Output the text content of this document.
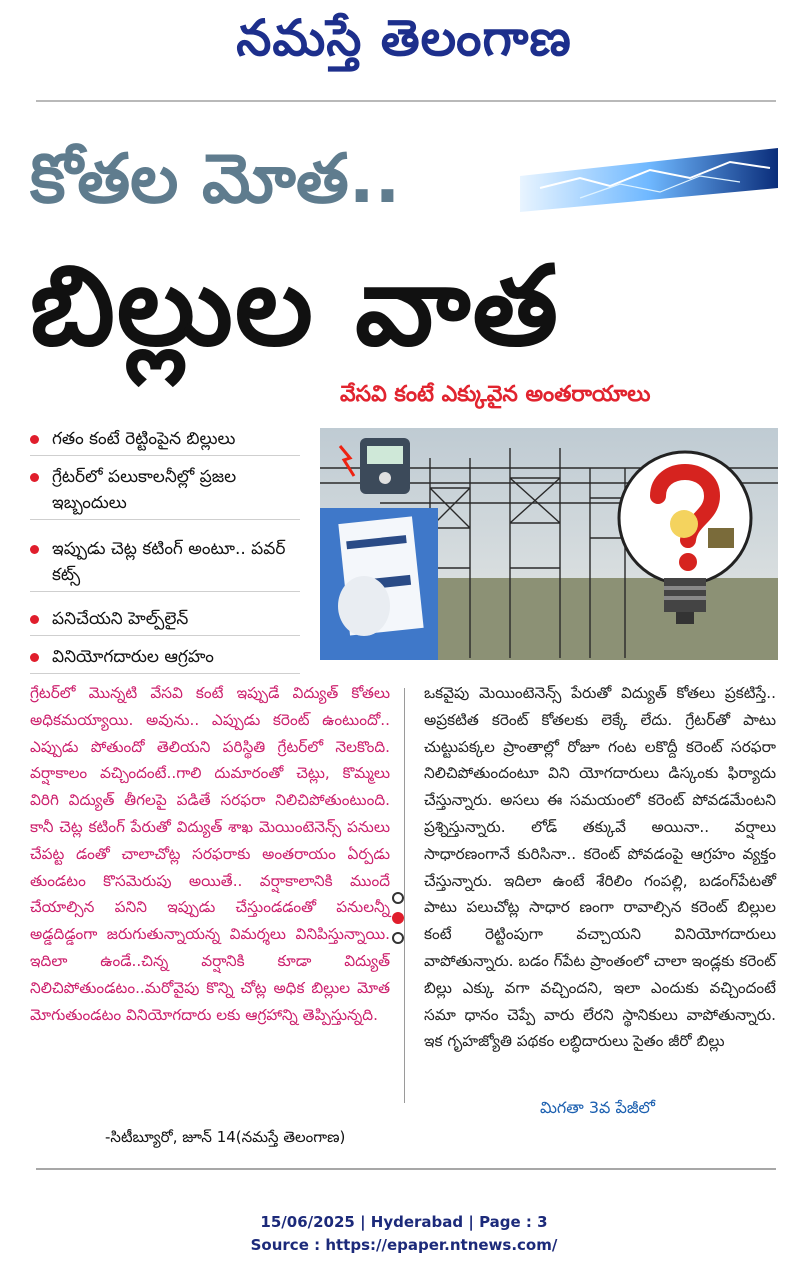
నమస్తే తెలంగాణ
కోతల మోత..
బిల్లుల వాత
వేసవి కంటే ఎక్కువైన అంతరాయాలు
గతం కంటే రెట్టింపైన బిల్లులు
గ్రేటర్‌లో పలుకాలనీల్లో ప్రజల ఇబ్బందులు
ఇప్పుడు చెట్ల కటింగ్ అంటూ.. పవర్ కట్స్
పనిచేయని హెల్ప్‌లైన్
వినియోగదారుల ఆగ్రహం

గ్రేటర్‌లో మొన్నటి వేసవి కంటే ఇప్పుడే విద్యుత్ కోతలు అధికమయ్యాయి. అవును.. ఎప్పుడు కరెంట్ ఉంటుందో.. ఎప్పుడు పోతుందో తెలియని పరిస్థితి గ్రేటర్‌లో నెలకొంది. వర్షాకాలం వచ్చిందంటే..గాలి దుమారంతో చెట్లు, కొమ్మలు విరిగి విద్యుత్ తీగలపై పడితే సరఫరా నిలిచిపోతుంటుంది. కానీ చెట్ల కటింగ్ పేరుతో విద్యుత్ శాఖ మెయింటెనెన్స్ పనులు చేపట్ట డంతో చాలాచోట్ల సరఫరాకు అంతరాయం ఏర్పడు తుండటం కొసమెరుపు అయితే.. వర్షాకాలానికి ముందే చేయాల్సిన పనిని ఇప్పుడు చేస్తుండడంతో పనులన్నీ అడ్డదిడ్డంగా జరుగుతున్నాయన్న విమర్శలు వినిపిస్తున్నాయి. ఇదిలా ఉండే..చిన్న వర్షానికి కూడా విద్యుత్ నిలిచిపోతుండటం..మరోవైపు కొన్ని చోట్ల అధిక బిల్లుల మోత మోగుతుండటం వినియోగదారు లకు ఆగ్రహాన్ని తెప్పిస్తున్నది.

-సిటీబ్యూరో, జూన్ 14(నమస్తే తెలంగాణ)

ఒకవైపు మెయింటెనెన్స్ పేరుతో విద్యుత్ కోతలు ప్రకటిస్తే.. అప్రకటిత కరెంట్ కోతలకు లెక్కే లేదు. గ్రేటర్‌తో పాటు చుట్టుపక్కల ప్రాంతాల్లో రోజూ గంట లకొద్దీ కరెంట్ సరఫరా నిలిచిపోతుందంటూ విని యోగదారులు డిస్కంకు ఫిర్యాదు చేస్తున్నారు. అసలు ఈ సమయంలో కరెంట్ పోవడమేంటని ప్రశ్నిస్తున్నారు. లోడ్ తక్కువే అయినా.. వర్షాలు సాధారణంగానే కురిసినా.. కరెంట్ పోవడంపై ఆగ్రహం వ్యక్తం చేస్తున్నారు. ఇదిలా ఉంటే శేరిలిం గంపల్లి, బడంగ్‌పేటతో పాటు పలుచోట్ల సాధార ణంగా రావాల్సిన కరెంట్ బిల్లుల కంటే రెట్టింపుగా వచ్చాయని వినియోగదారులు వాపోతున్నారు. బడం గ్‌పేట ప్రాంతంలో చాలా ఇండ్లకు కరెంట్ బిల్లు ఎక్కు వగా వచ్చిందని, ఇలా ఎందుకు వచ్చిందంటే సమా ధానం చెప్పే వారు లేరని స్థానికులు వాపోతున్నారు. ఇక గృహజ్యోతి పథకం లబ్ధిదారులు సైతం జీరో బిల్లు

మిగతా 3వ పేజీలో
15/06/2025 | Hyderabad | Page : 3
Source : https://epaper.ntnews.com/
